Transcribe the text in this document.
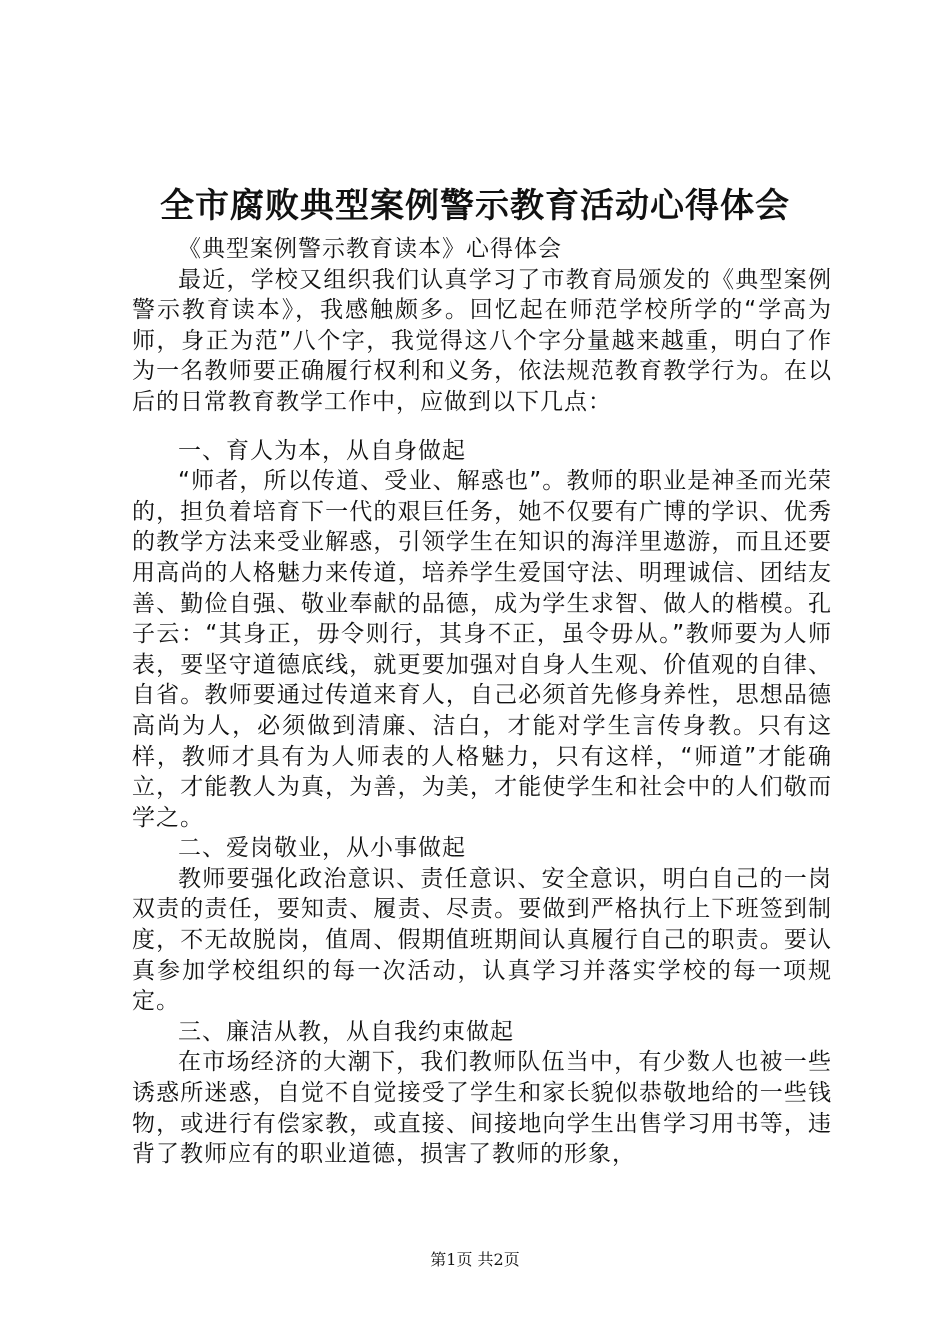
全市腐败典型案例警示教育活动心得体会

《典型案例警示教育读本》心得体会

最近，学校又组织我们认真学习了市教育局颁发的《典型案例警示教育读本》，我感触颇多。回忆起在师范学校所学的“学高为师，身正为范”八个字，我觉得这八个字分量越来越重，明白了作为一名教师要正确履行权利和义务，依法规范教育教学行为。在以后的日常教育教学工作中，应做到以下几点：

一、育人为本，从自身做起

“师者，所以传道、受业、解惑也”。教师的职业是神圣而光荣的，担负着培育下一代的艰巨任务，她不仅要有广博的学识、优秀的教学方法来受业解惑，引领学生在知识的海洋里遨游，而且还要用高尚的人格魅力来传道，培养学生爱国守法、明理诚信、团结友善、勤俭自强、敬业奉献的品德，成为学生求智、做人的楷模。孔子云：“其身正，毋令则行，其身不正，虽令毋从。”教师要为人师表，要坚守道德底线，就更要加强对自身人生观、价值观的自律、自省。教师要通过传道来育人，自己必须首先修身养性，思想品德高尚为人，必须做到清廉、洁白，才能对学生言传身教。只有这样，教师才具有为人师表的人格魅力，只有这样，“师道”才能确立，才能教人为真，为善，为美，才能使学生和社会中的人们敬而学之。

二、爱岗敬业，从小事做起

教师要强化政治意识、责任意识、安全意识，明白自己的一岗双责的责任，要知责、履责、尽责。要做到严格执行上下班签到制度，不无故脱岗，值周、假期值班期间认真履行自己的职责。要认真参加学校组织的每一次活动，认真学习并落实学校的每一项规定。

三、廉洁从教，从自我约束做起

在市场经济的大潮下，我们教师队伍当中，有少数人也被一些诱惑所迷惑，自觉不自觉接受了学生和家长貌似恭敬地给的一些钱物，或进行有偿家教，或直接、间接地向学生出售学习用书等，违背了教师应有的职业道德，损害了教师的形象，

第1页 共2页
